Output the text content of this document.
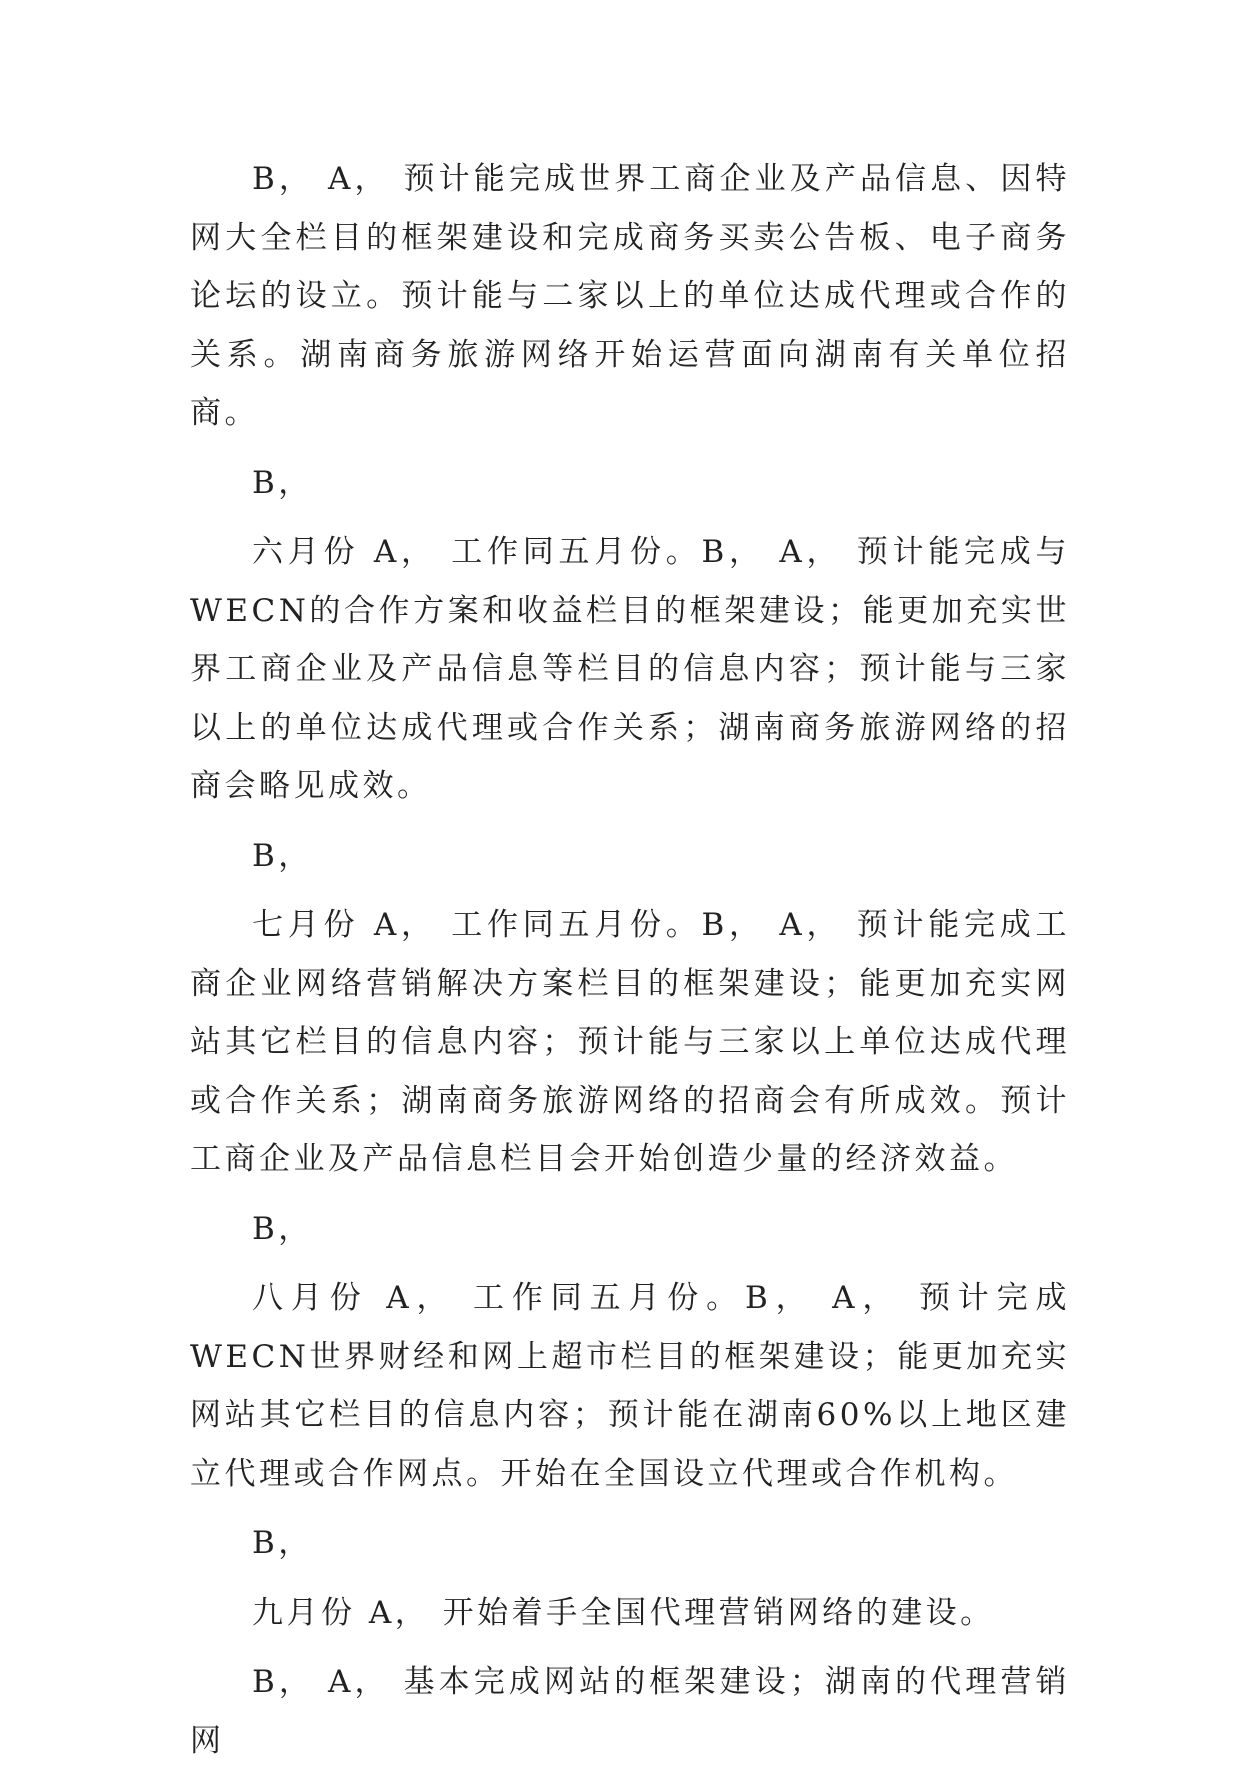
B， A， 预计能完成世界工商企业及产品信息、因特网大全栏目的框架建设和完成商务买卖公告板、电子商务论坛的设立。预计能与二家以上的单位达成代理或合作的关系。湖南商务旅游网络开始运营面向湖南有关单位招商。

B，

六月份 A， 工作同五月份。B， A， 预计能完成与WECN的合作方案和收益栏目的框架建设；能更加充实世界工商企业及产品信息等栏目的信息内容；预计能与三家以上的单位达成代理或合作关系；湖南商务旅游网络的招商会略见成效。

B，

七月份 A， 工作同五月份。B， A， 预计能完成工商企业网络营销解决方案栏目的框架建设；能更加充实网站其它栏目的信息内容；预计能与三家以上单位达成代理或合作关系；湖南商务旅游网络的招商会有所成效。预计工商企业及产品信息栏目会开始创造少量的经济效益。

B，

八月份 A， 工作同五月份。B， A， 预计完成WECN世界财经和网上超市栏目的框架建设；能更加充实网站其它栏目的信息内容；预计能在湖南60%以上地区建立代理或合作网点。开始在全国设立代理或合作机构。

B，

九月份 A， 开始着手全国代理营销网络的建设。

B， A， 基本完成网站的框架建设；湖南的代理营销网
